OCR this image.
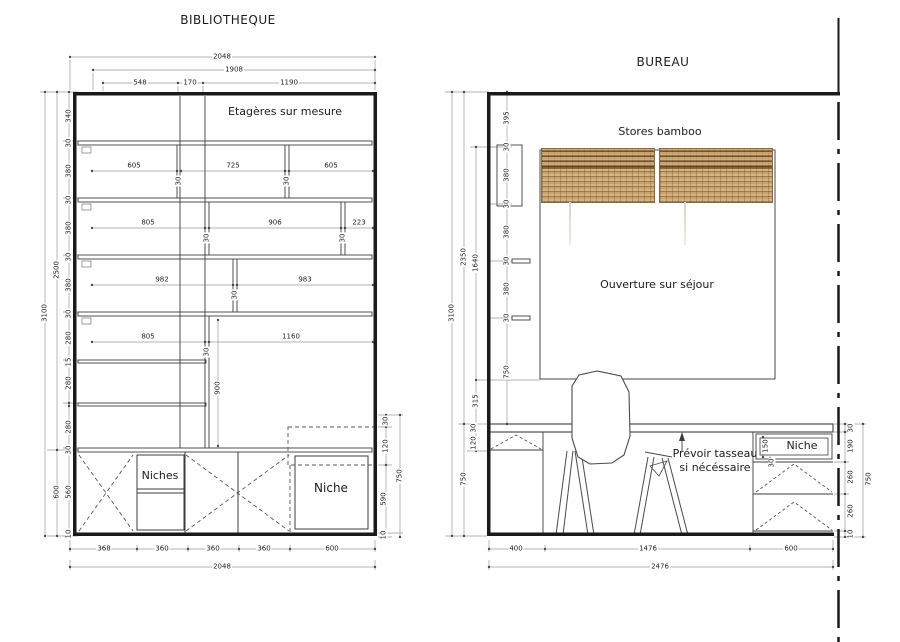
BIBLIOTHEQUE
BUREAU
Etagères sur mesure
Stores bamboo
Ouverture sur séjour
Niches
Niche
Niche
Prévoir tasseau
si nécéssaire
2048
1908
548	170	1190
3100
2500
600
340
30
380
30
380
30
380
30
280
15
280
280
30
560
10
605	725	605
30	30
805	906	223
30	30
982	983
30
805	1160
30
900
30
120
590
10
750
368	360	360	360	600
2048
3100
2350
750
1640
315
30
120
395
30
380
30
380
30
380
30
750
150
30
30
190
260
260
10
750
400	1476	600
2476
